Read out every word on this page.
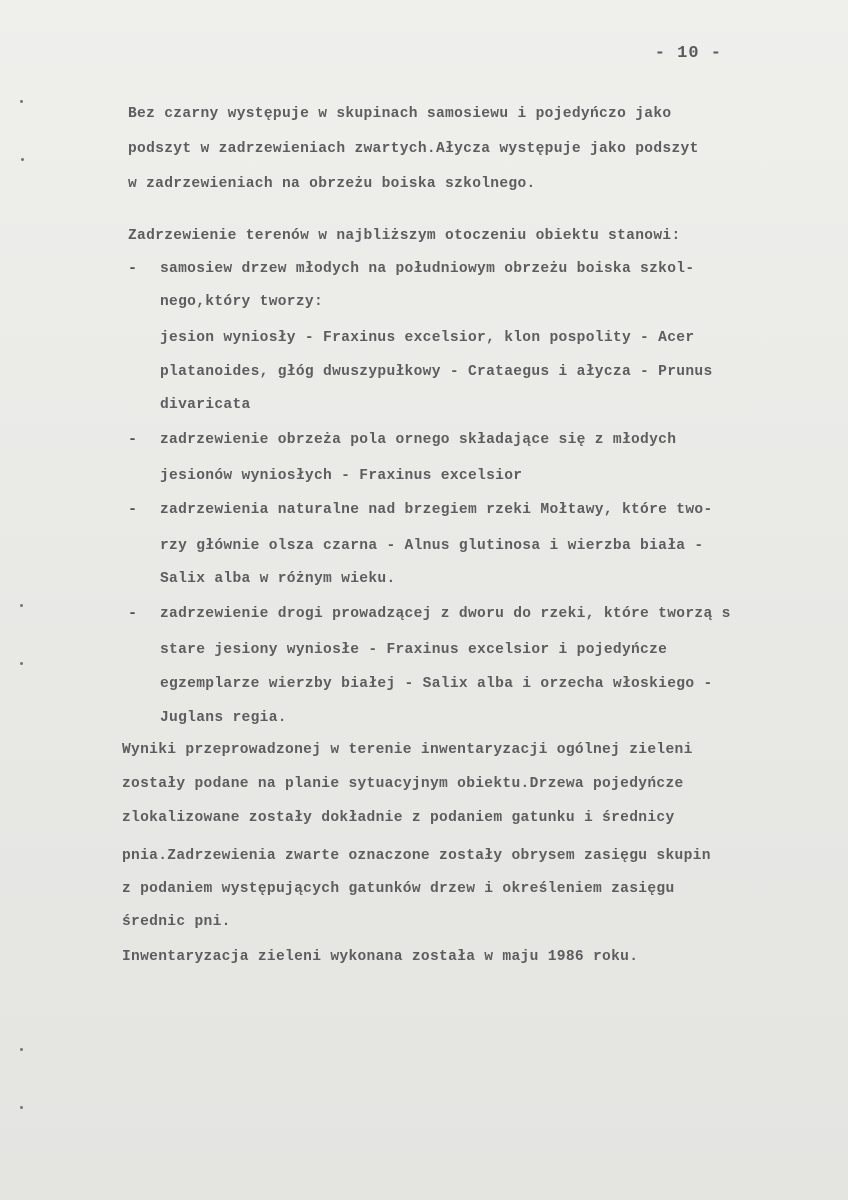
- 10 -
Bez czarny występuje w skupinach samosiewu i pojedyńczo jako
podszyt w zadrzewieniach zwartych.Ałycza występuje jako podszyt
w zadrzewieniach na obrzeżu boiska szkolnego.
Zadrzewienie terenów w najbliższym otoczeniu obiektu stanowi:
- samosiew drzew młodych na południowym obrzeżu boiska szkol-
nego,który tworzy:
jesion wyniosły - Fraxinus excelsior, klon pospolity - Acer
platanoides, głóg dwuszypułkowy - Crataegus i ałycza - Prunus
divaricata
- zadrzewienie obrzeża pola ornego składające się z młodych
jesionów wyniosłych - Fraxinus excelsior
- zadrzewienia naturalne nad brzegiem rzeki Mołtawy, które two-
rzy głównie olsza czarna - Alnus glutinosa i wierzba biała -
Salix alba w różnym wieku.
- zadrzewienie drogi prowadzącej z dworu do rzeki, które tworzą s
stare jesiony wyniosłe - Fraxinus excelsior i pojedyńcze
egzemplarze wierzby białej - Salix alba i orzecha włoskiego -
Juglans regia.
Wyniki przeprowadzonej w terenie inwentaryzacji ogólnej zieleni
zostały podane na planie sytuacyjnym obiektu.Drzewa pojedyńcze
zlokalizowane zostały dokładnie z podaniem gatunku i średnicy
pnia.Zadrzewienia zwarte oznaczone zostały obrysem zasięgu skupin
z podaniem występujących gatunków drzew i określeniem zasięgu
średnic pni.
Inwentaryzacja zieleni wykonana została w maju 1986 roku.
